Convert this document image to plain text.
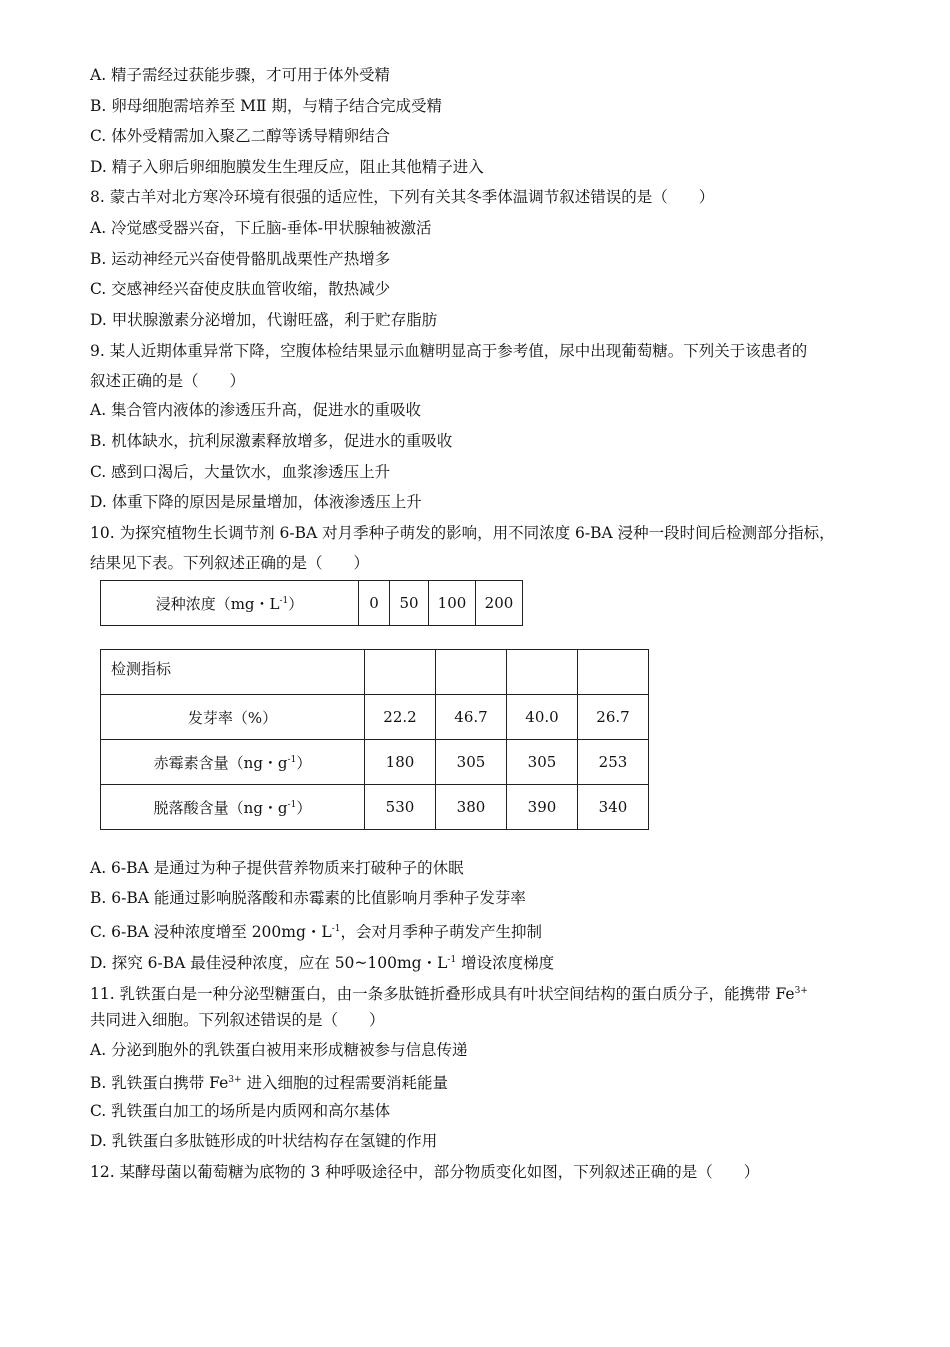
A. 精子需经过获能步骤，才可用于体外受精
B. 卵母细胞需培养至 MⅡ 期，与精子结合完成受精
C. 体外受精需加入聚乙二醇等诱导精卵结合
D. 精子入卵后卵细胞膜发生生理反应，阻止其他精子进入
8. 蒙古羊对北方寒冷环境有很强的适应性，下列有关其冬季体温调节叙述错误的是（　　）
A. 冷觉感受器兴奋，下丘脑-垂体-甲状腺轴被激活
B. 运动神经元兴奋使骨骼肌战栗性产热增多
C. 交感神经兴奋使皮肤血管收缩，散热减少
D. 甲状腺激素分泌增加，代谢旺盛，利于贮存脂肪
9. 某人近期体重异常下降，空腹体检结果显示血糖明显高于参考值，尿中出现葡萄糖。下列关于该患者的
叙述正确的是（　　）
A. 集合管内液体的渗透压升高，促进水的重吸收
B. 机体缺水，抗利尿激素释放增多，促进水的重吸收
C. 感到口渴后，大量饮水，血浆渗透压上升
D. 体重下降的原因是尿量增加，体液渗透压上升
10. 为探究植物生长调节剂 6-BA 对月季种子萌发的影响，用不同浓度 6-BA 浸种一段时间后检测部分指标，
结果见下表。下列叙述正确的是（　　）
浸种浓度（mg・$L^{-1}$）	0	50	100	200
检测指标				
发芽率（%）	22.2	46.7	40.0	26.7
赤霉素含量（ng・$g^{-1}$）	180	305	305	253
脱落酸含量（ng・$g^{-1}$）	530	380	390	340
A. 6-BA 是通过为种子提供营养物质来打破种子的休眠
B. 6-BA 能通过影响脱落酸和赤霉素的比值影响月季种子发芽率
C. 6-BA 浸种浓度增至 200mg・$L^{-1}$，会对月季种子萌发产生抑制
D. 探究 6-BA 最佳浸种浓度，应在 50~100mg・$L^{-1}$ 增设浓度梯度
11. 乳铁蛋白是一种分泌型糖蛋白，由一条多肽链折叠形成具有叶状空间结构的蛋白质分子，能携带 $Fe^{3+}$
共同进入细胞。下列叙述错误的是（　　）
A. 分泌到胞外的乳铁蛋白被用来形成糖被参与信息传递
B. 乳铁蛋白携带 $Fe^{3+}$ 进入细胞的过程需要消耗能量
C. 乳铁蛋白加工的场所是内质网和高尔基体
D. 乳铁蛋白多肽链形成的叶状结构存在氢键的作用
12. 某酵母菌以葡萄糖为底物的 3 种呼吸途径中，部分物质变化如图，下列叙述正确的是（　　）
